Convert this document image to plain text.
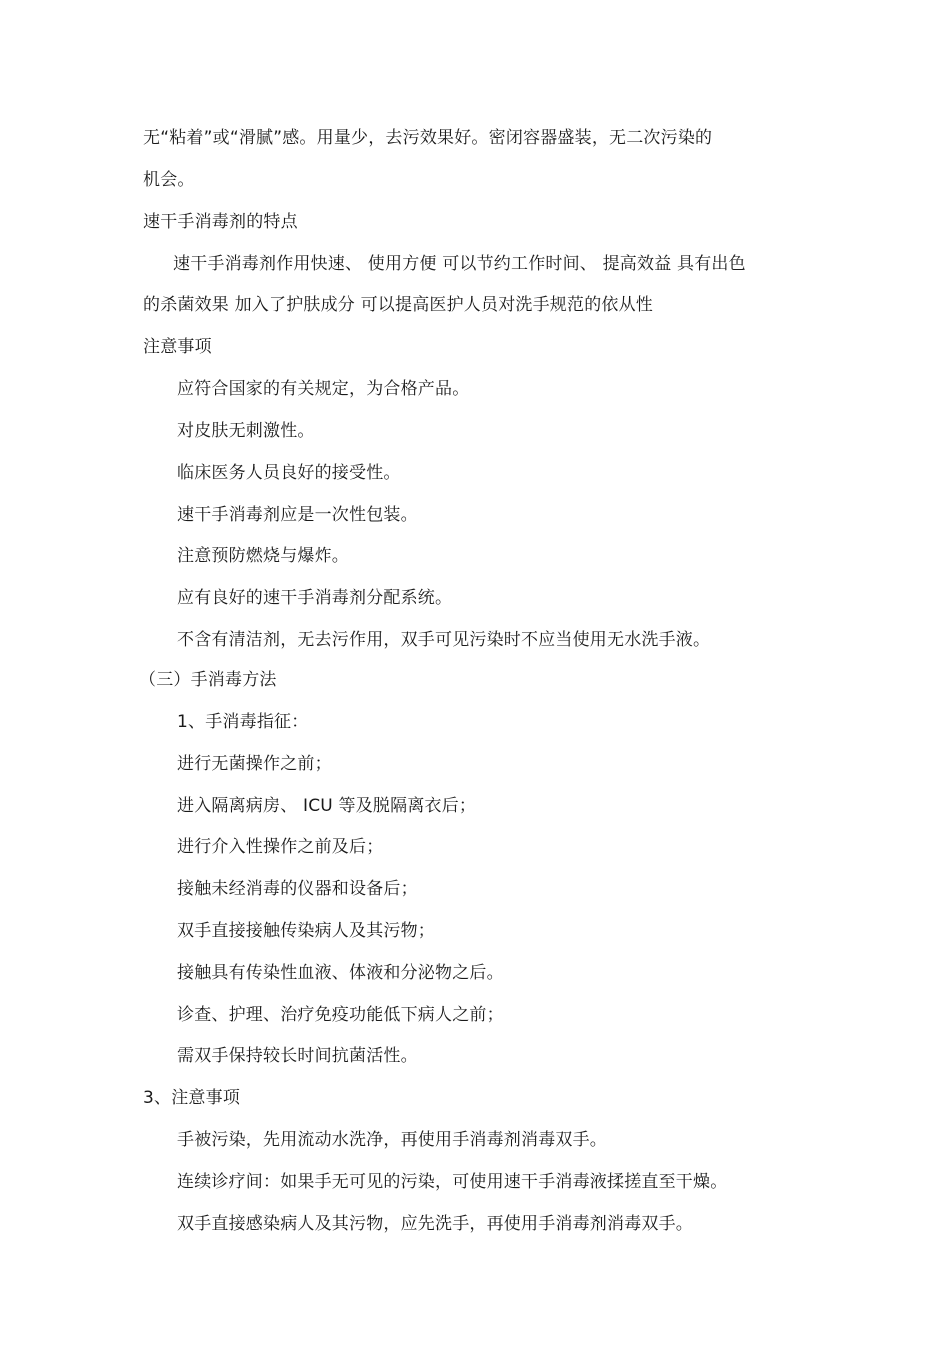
无“粘着”或“滑腻”感。用量少，去污效果好。密闭容器盛装，无二次污染的
机会。
速干手消毒剂的特点
速干手消毒剂作用快速、 使用方便 可以节约工作时间、 提高效益 具有出色
的杀菌效果 加入了护肤成分 可以提高医护人员对洗手规范的依从性
注意事项
应符合国家的有关规定，为合格产品。
对皮肤无刺激性。
临床医务人员良好的接受性。
速干手消毒剂应是一次性包装。
注意预防燃烧与爆炸。
应有良好的速干手消毒剂分配系统。
不含有清洁剂，无去污作用，双手可见污染时不应当使用无水洗手液。
（三）手消毒方法
1、手消毒指征：
进行无菌操作之前；
进入隔离病房、 ICU 等及脱隔离衣后；
进行介入性操作之前及后；
接触未经消毒的仪器和设备后；
双手直接接触传染病人及其污物；
接触具有传染性血液、体液和分泌物之后。
诊查、护理、治疗免疫功能低下病人之前；
需双手保持较长时间抗菌活性。
3、注意事项
手被污染，先用流动水洗净，再使用手消毒剂消毒双手。
连续诊疗间：如果手无可见的污染，可使用速干手消毒液揉搓直至干燥。
双手直接感染病人及其污物，应先洗手，再使用手消毒剂消毒双手。
